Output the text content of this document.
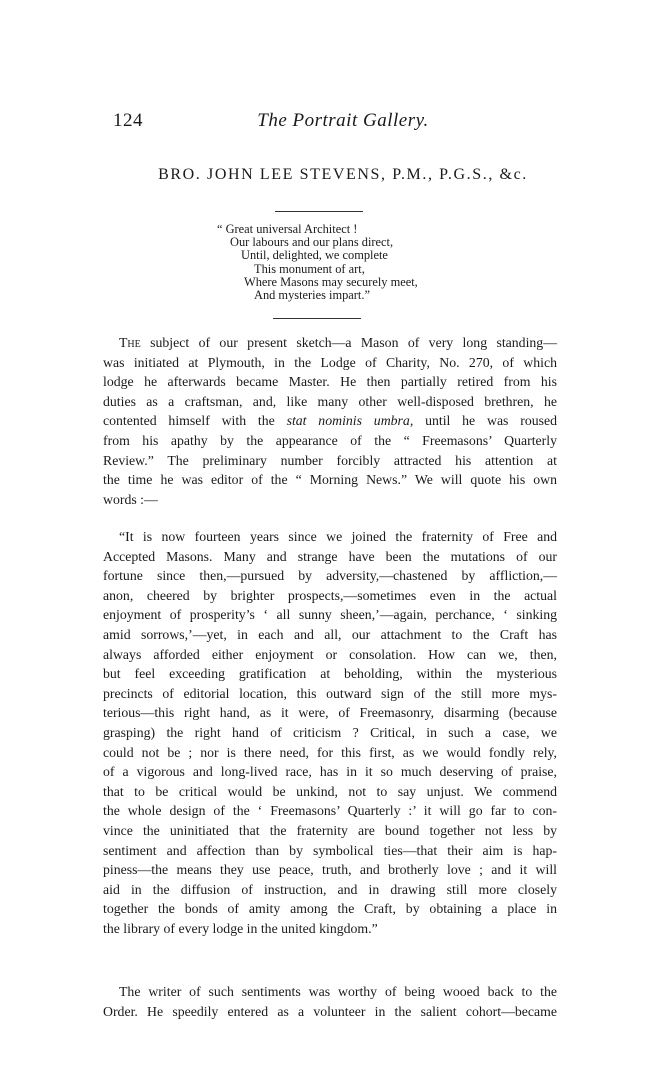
124	The Portrait Gallery.
BRO. JOHN LEE STEVENS, P.M., P.G.S., &c.
“ Great universal Architect !
Our labours and our plans direct,
Until, delighted, we complete
This monument of art,
Where Masons may securely meet,
And mysteries impart.”
The subject of our present sketch—a Mason of very long standing—
was initiated at Plymouth, in the Lodge of Charity, No. 270, of which
lodge he afterwards became Master. He then partially retired from his
duties as a craftsman, and, like many other well-disposed brethren, he
contented himself with the stat nominis umbra, until he was roused
from his apathy by the appearance of the “ Freemasons’ Quarterly
Review.” The preliminary number forcibly attracted his attention at
the time he was editor of the “ Morning News.” We will quote his own
words :—
“It is now fourteen years since we joined the fraternity of Free and
Accepted Masons. Many and strange have been the mutations of our
fortune since then,—pursued by adversity,—chastened by affliction,—
anon, cheered by brighter prospects,—sometimes even in the actual
enjoyment of prosperity’s ‘ all sunny sheen,’—again, perchance, ‘ sinking
amid sorrows,’—yet, in each and all, our attachment to the Craft has
always afforded either enjoyment or consolation. How can we, then,
but feel exceeding gratification at beholding, within the mysterious
precincts of editorial location, this outward sign of the still more mys-
terious—this right hand, as it were, of Freemasonry, disarming (because
grasping) the right hand of criticism ? Critical, in such a case, we
could not be ; nor is there need, for this first, as we would fondly rely,
of a vigorous and long-lived race, has in it so much deserving of praise,
that to be critical would be unkind, not to say unjust. We commend
the whole design of the ‘ Freemasons’ Quarterly :’ it will go far to con-
vince the uninitiated that the fraternity are bound together not less by
sentiment and affection than by symbolical ties—that their aim is hap-
piness—the means they use peace, truth, and brotherly love ; and it will
aid in the diffusion of instruction, and in drawing still more closely
together the bonds of amity among the Craft, by obtaining a place in
the library of every lodge in the united kingdom.”
The writer of such sentiments was worthy of being wooed back to the
Order. He speedily entered as a volunteer in the salient cohort—became
